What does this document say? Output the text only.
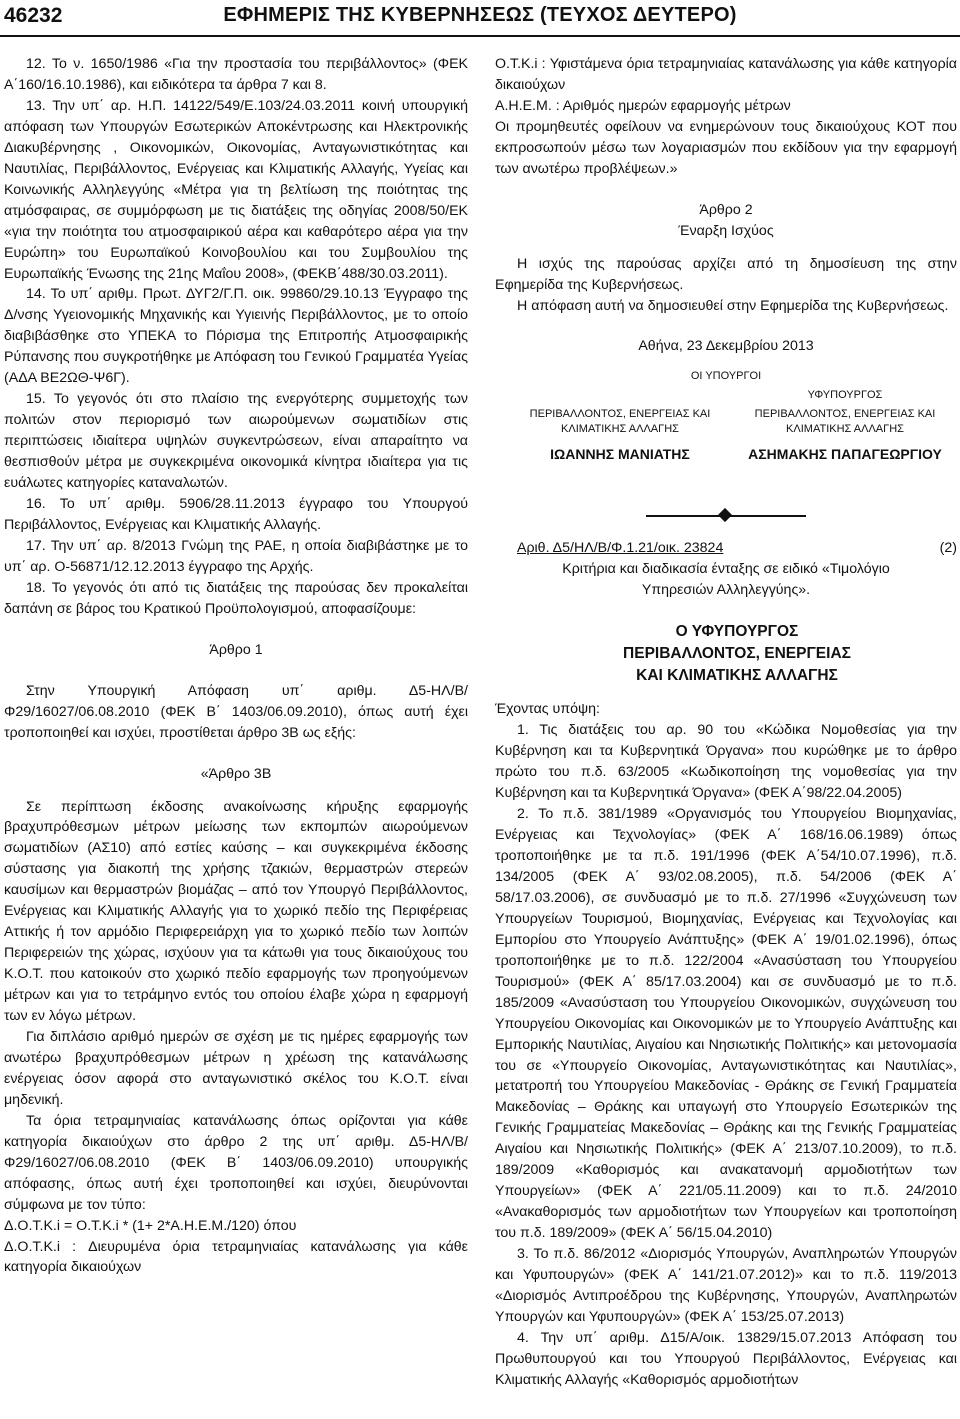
46232	ΕΦΗΜΕΡΙΣ ΤΗΣ ΚΥΒΕΡΝΗΣΕΩΣ (ΤΕΥΧΟΣ ΔΕΥΤΕΡΟ)

12. Το ν. 1650/1986 «Για την προστασία του περιβάλλοντος» (ΦΕΚ Α΄160/16.10.1986), και ειδικότερα τα άρθρα 7 και 8.

13. Την υπ΄ αρ. Η.Π. 14122/549/Ε.103/24.03.2011 κοινή υπουργική απόφαση των Υπουργών Εσωτερικών Αποκέντρωσης και Ηλεκτρονικής Διακυβέρνησης , Οικονομικών, Οικονομίας, Ανταγωνιστικότητας και Ναυτιλίας, Περιβάλλοντος, Ενέργειας και Κλιματικής Αλλαγής, Υγείας και Κοινωνικής Αλληλεγγύης «Μέτρα για τη βελτίωση της ποιότητας της ατμόσφαιρας, σε συμμόρφωση με τις διατάξεις της οδηγίας 2008/50/ΕΚ «για την ποιότητα του ατμοσφαιρικού αέρα και καθαρότερο αέρα για την Ευρώπη» του Ευρωπαϊκού Κοινοβουλίου και του Συμβουλίου της Ευρωπαϊκής Ένωσης της 21ης Μαΐου 2008», (ΦΕΚΒ΄488/30.03.2011).

14. Το υπ΄ αριθμ. Πρωτ. ΔΥΓ2/Γ.Π. οικ. 99860/29.10.13 Έγγραφο της Δ/νσης Υγειονομικής Μηχανικής και Υγιεινής Περιβάλλοντος, με το οποίο διαβιβάσθηκε στο ΥΠΕΚΑ το Πόρισμα της Επιτροπής Ατμοσφαιρικής Ρύπανσης που συγκροτήθηκε με Απόφαση του Γενικού Γραμματέα Υγείας (ΑΔΑ ΒΕ2ΩΘ-Ψ6Γ).

15. Το γεγονός ότι στο πλαίσιο της ενεργότερης συμμετοχής των πολιτών στον περιορισμό των αιωρούμενων σωματιδίων στις περιπτώσεις ιδιαίτερα υψηλών συγκεντρώσεων, είναι απαραίτητο να θεσπισθούν μέτρα με συγκεκριμένα οικονομικά κίνητρα ιδιαίτερα για τις ευάλωτες κατηγορίες καταναλωτών.

16. Το υπ΄ αριθμ. 5906/28.11.2013 έγγραφο του Υπουργού Περιβάλλοντος, Ενέργειας και Κλιματικής Αλλαγής.

17. Την υπ΄ αρ. 8/2013 Γνώμη της ΡΑΕ, η οποία διαβιβάστηκε με το υπ΄ αρ. Ο-56871/12.12.2013 έγγραφο της Αρχής.

18. Το γεγονός ότι από τις διατάξεις της παρούσας δεν προκαλείται δαπάνη σε βάρος του Κρατικού Προϋπολογισμού, αποφασίζουμε:

Άρθρο 1

Στην Υπουργική Απόφαση υπ΄ αριθμ. Δ5-ΗΛ/Β/Φ29/16027/06.08.2010 (ΦΕΚ Β΄ 1403/06.09.2010), όπως αυτή έχει τροποποιηθεί και ισχύει, προστίθεται άρθρο 3Β ως εξής:

«Άρθρο 3Β

Σε περίπτωση έκδοσης ανακοίνωσης κήρυξης εφαρμογής βραχυπρόθεσμων μέτρων μείωσης των εκπομπών αιωρούμενων σωματιδίων (ΑΣ10) από εστίες καύσης – και συγκεκριμένα έκδοσης σύστασης για διακοπή της χρήσης τζακιών, θερμαστρών στερεών καυσίμων και θερμαστρών βιομάζας – από τον Υπουργό Περιβάλλοντος, Ενέργειας και Κλιματικής Αλλαγής για το χωρικό πεδίο της Περιφέρειας Αττικής ή τον αρμόδιο Περιφερειάρχη για το χωρικό πεδίο των λοιπών Περιφερειών της χώρας, ισχύουν για τα κάτωθι για τους δικαιούχους του Κ.Ο.Τ. που κατοικούν στο χωρικό πεδίο εφαρμογής των προηγούμενων μέτρων και για το τετράμηνο εντός του οποίου έλαβε χώρα η εφαρμογή των εν λόγω μέτρων.

Για διπλάσιο αριθμό ημερών σε σχέση με τις ημέρες εφαρμογής των ανωτέρω βραχυπρόθεσμων μέτρων η χρέωση της κατανάλωσης ενέργειας όσον αφορά στο ανταγωνιστικό σκέλος του Κ.Ο.Τ. είναι μηδενική.

Τα όρια τετραμηνιαίας κατανάλωσης όπως ορίζονται για κάθε κατηγορία δικαιούχων στο άρθρο 2 της υπ΄ αριθμ. Δ5-ΗΛ/Β/Φ29/16027/06.08.2010 (ΦΕΚ Β΄ 1403/06.09.2010) υπουργικής απόφασης, όπως αυτή έχει τροποποιηθεί και ισχύει, διευρύνονται σύμφωνα με τον τύπο:

Δ.Ο.Τ.Κ.i = Ο.Τ.Κ.i * (1+ 2*Α.Η.Ε.Μ./120) όπου

Δ.Ο.Τ.Κ.i : Διευρυμένα όρια τετραμηνιαίας κατανάλωσης για κάθε κατηγορία δικαιούχων

Ο.Τ.Κ.i : Υφιστάμενα όρια τετραμηνιαίας κατανάλωσης για κάθε κατηγορία δικαιούχων

Α.Η.Ε.Μ. : Αριθμός ημερών εφαρμογής μέτρων

Οι προμηθευτές οφείλουν να ενημερώνουν τους δικαιούχους ΚΟΤ που εκπροσωπούν μέσω των λογαριασμών που εκδίδουν για την εφαρμογή των ανωτέρω προβλέψεων.»

Άρθρο 2

Έναρξη Ισχύος

Η ισχύς της παρούσας αρχίζει από τη δημοσίευση της στην Εφημερίδα της Κυβερνήσεως.

Η απόφαση αυτή να δημοσιευθεί στην Εφημερίδα της Κυβερνήσεως.

Αθήνα, 23 Δεκεμβρίου 2013

ΟΙ ΥΠΟΥΡΓΟΙ

ΠΕΡΙΒΑΛΛΟΝΤΟΣ, ΕΝΕΡΓΕΙΑΣ ΚΑΙ ΚΛΙΜΑΤΙΚΗΣ ΑΛΛΑΓΗΣ
ΙΩΑΝΝΗΣ ΜΑΝΙΑΤΗΣ
ΥΦΥΠΟΥΡΓΟΣ
ΠΕΡΙΒΑΛΛΟΝΤΟΣ, ΕΝΕΡΓΕΙΑΣ ΚΑΙ ΚΛΙΜΑΤΙΚΗΣ ΑΛΛΑΓΗΣ
ΑΣΗΜΑΚΗΣ ΠΑΠΑΓΕΩΡΓΙΟΥ

Αριθ. Δ5/ΗΛ/Β/Φ.1.21/οικ. 23824	(2)

Κριτήρια και διαδικασία ένταξης σε ειδικό «Τιμολόγιο Υπηρεσιών Αλληλεγγύης».

Ο ΥΦΥΠΟΥΡΓΟΣ

ΠΕΡΙΒΑΛΛΟΝΤΟΣ, ΕΝΕΡΓΕΙΑΣ

ΚΑΙ ΚΛΙΜΑΤΙΚΗΣ ΑΛΛΑΓΗΣ

Έχοντας υπόψη:

1. Τις διατάξεις του αρ. 90 του «Κώδικα Νομοθεσίας για την Κυβέρνηση και τα Κυβερνητικά Όργανα» που κυρώθηκε με το άρθρο πρώτο του π.δ. 63/2005 «Κωδικοποίηση της νομοθεσίας για την Κυβέρνηση και τα Κυβερνητικά Όργανα» (ΦΕΚ Α΄98/22.04.2005)

2. Το π.δ. 381/1989 «Οργανισμός του Υπουργείου Βιομηχανίας, Ενέργειας και Τεχνολογίας» (ΦΕΚ Α΄ 168/16.06.1989) όπως τροποποιήθηκε με τα π.δ. 191/1996 (ΦΕΚ Α΄54/10.07.1996), π.δ. 134/2005 (ΦΕΚ Α΄ 93/02.08.2005), π.δ. 54/2006 (ΦΕΚ Α΄ 58/17.03.2006), σε συνδυασμό με το π.δ. 27/1996 «Συγχώνευση των Υπουργείων Τουρισμού, Βιομηχανίας, Ενέργειας και Τεχνολογίας και Εμπορίου στο Υπουργείο Ανάπτυξης» (ΦΕΚ Α΄ 19/01.02.1996), όπως τροποποιήθηκε με το π.δ. 122/2004 «Ανασύσταση του Υπουργείου Τουρισμού» (ΦΕΚ Α΄ 85/17.03.2004) και σε συνδυασμό με το π.δ. 185/2009 «Ανασύσταση του Υπουργείου Οικονομικών, συγχώνευση του Υπουργείου Οικονομίας και Οικονομικών με το Υπουργείο Ανάπτυξης και Εμπορικής Ναυτιλίας, Αιγαίου και Νησιωτικής Πολιτικής» και μετονομασία του σε «Υπουργείο Οικονομίας, Ανταγωνιστικότητας και Ναυτιλίας», μετατροπή του Υπουργείου Μακεδονίας - Θράκης σε Γενική Γραμματεία Μακεδονίας – Θράκης και υπαγωγή στο Υπουργείο Εσωτερικών της Γενικής Γραμματείας Μακεδονίας – Θράκης και της Γενικής Γραμματείας Αιγαίου και Νησιωτικής Πολιτικής» (ΦΕΚ Α΄ 213/07.10.2009), το π.δ. 189/2009 «Καθορισμός και ανακατανομή αρμοδιοτήτων των Υπουργείων» (ΦΕΚ Α΄ 221/05.11.2009) και το π.δ. 24/2010 «Ανακαθορισμός των αρμοδιοτήτων των Υπουργείων και τροποποίηση του π.δ. 189/2009» (ΦΕΚ Α΄ 56/15.04.2010)

3. Το π.δ. 86/2012 «Διορισμός Υπουργών, Αναπληρωτών Υπουργών και Υφυπουργών» (ΦΕΚ Α΄ 141/21.07.2012)» και το π.δ. 119/2013 «Διορισμός Αντιπροέδρου της Κυβέρνησης, Υπουργών, Αναπληρωτών Υπουργών και Υφυπουργών» (ΦΕΚ Α΄ 153/25.07.2013)

4. Την υπ΄ αριθμ. Δ15/Α/οικ. 13829/15.07.2013 Απόφαση του Πρωθυπουργού και του Υπουργού Περιβάλλοντος, Ενέργειας και Κλιματικής Αλλαγής «Καθορισμός αρμοδιοτήτων
